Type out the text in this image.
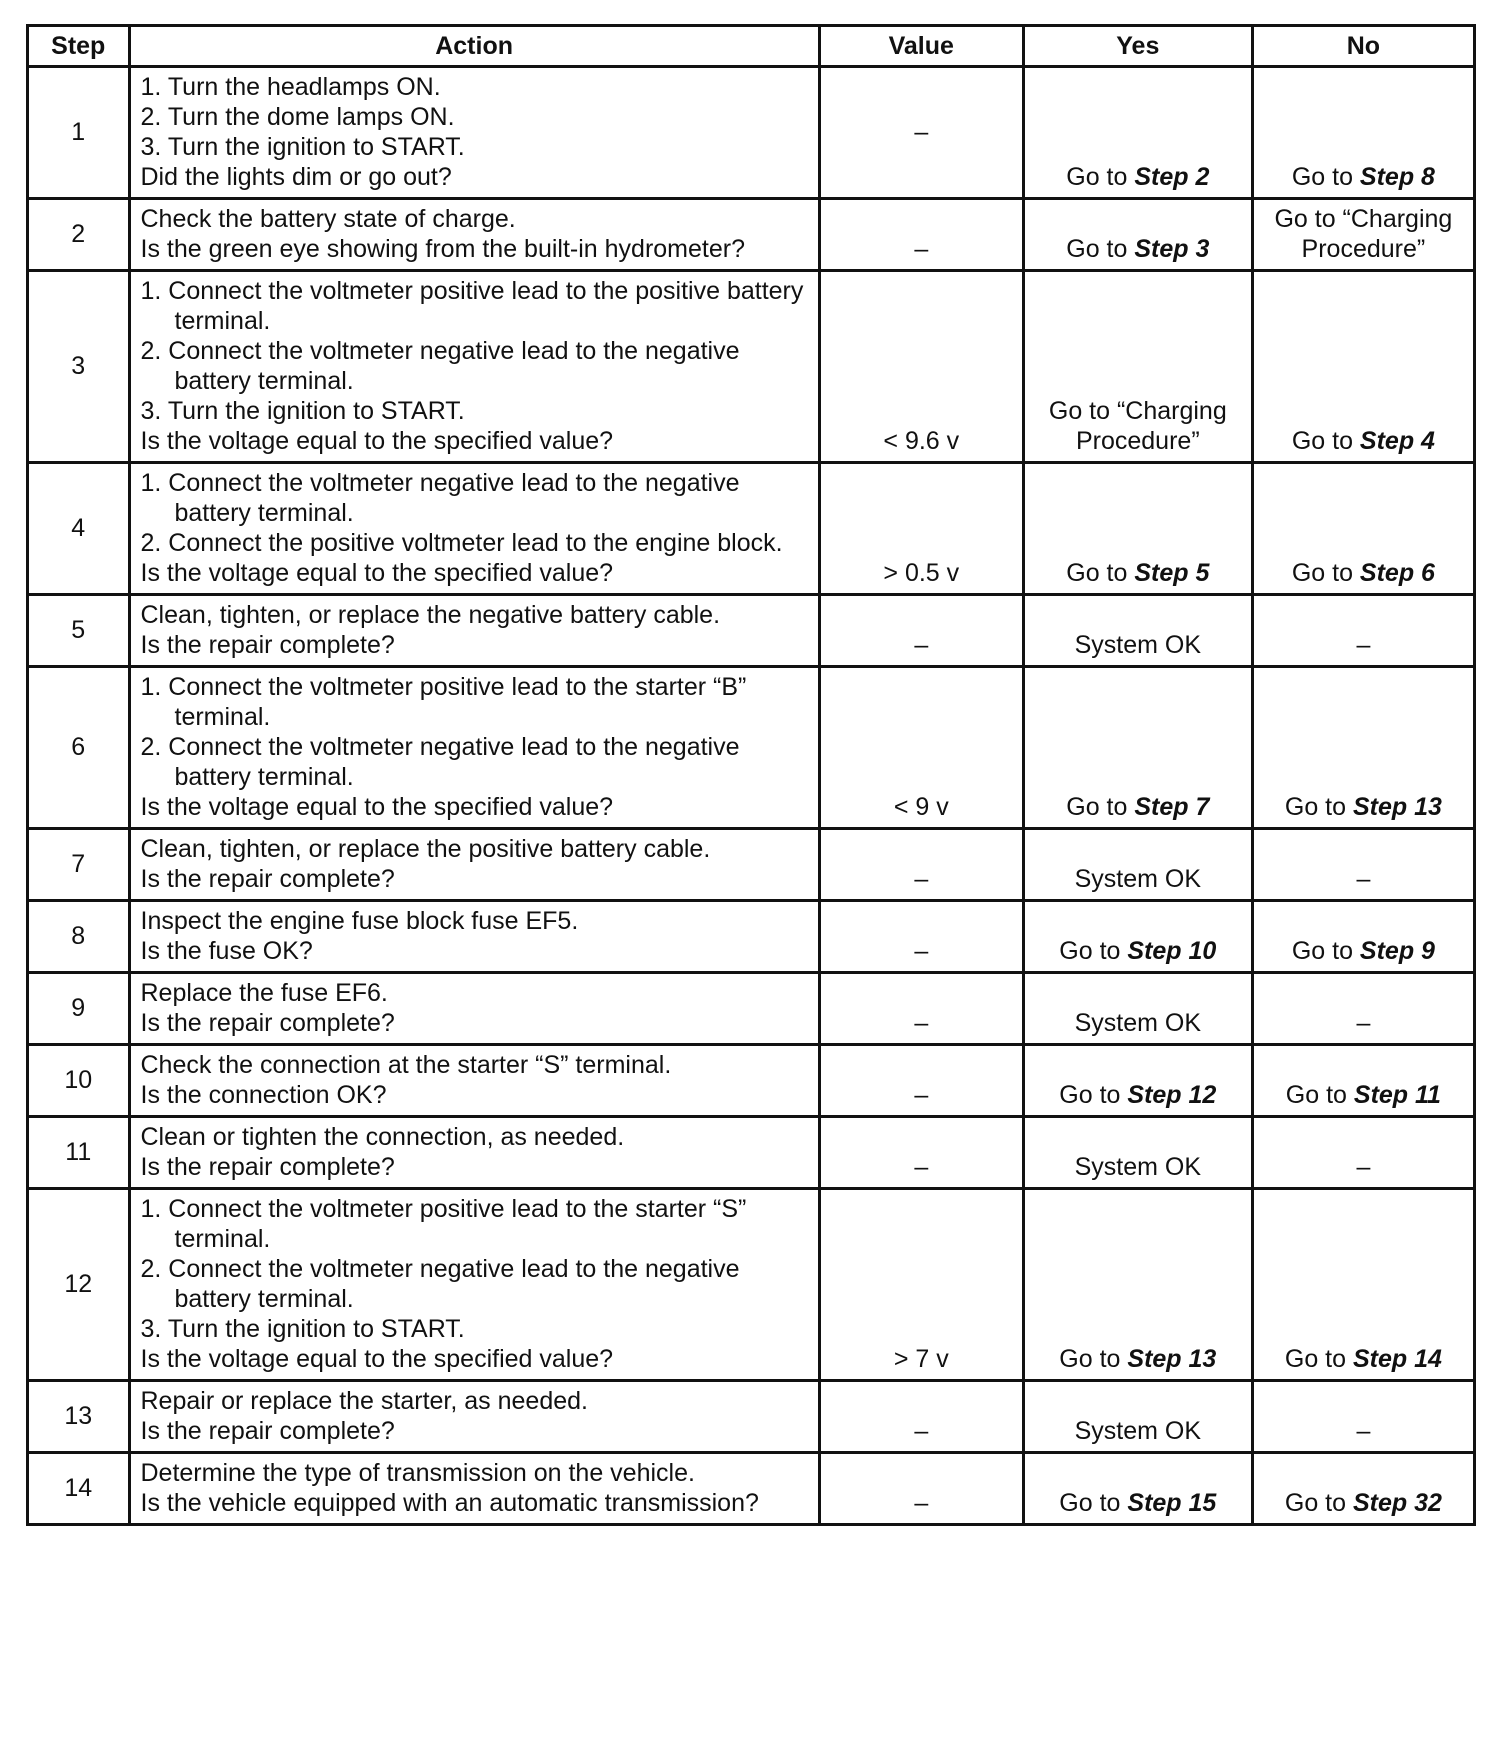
Step	Action	Value	Yes	No
1	1. Turn the headlamps ON.
2. Turn the dome lamps ON.
3. Turn the ignition to START.
Did the lights dim or go out?	–	Go to Step 2	Go to Step 8
2	Check the battery state of charge.
Is the green eye showing from the built-in hydrometer?	–	Go to Step 3	Go to “Charging Procedure”

3	1. Connect the voltmeter positive lead to the positive battery terminal.
2. Connect the voltmeter negative lead to the negative battery terminal.
3. Turn the ignition to START.
Is the voltage equal to the specified value?	< 9.6 v	Go to “Charging Procedure”	Go to Step 4
4	1. Connect the voltmeter negative lead to the negative battery terminal.
2. Connect the positive voltmeter lead to the engine block.
Is the voltage equal to the specified value?	> 0.5 v	Go to Step 5	Go to Step 6
5	Clean, tighten, or replace the negative battery cable.
Is the repair complete?	–	System OK	–

6	1. Connect the voltmeter positive lead to the starter “B” terminal.
2. Connect the voltmeter negative lead to the negative battery terminal.
Is the voltage equal to the specified value?	< 9 v	Go to Step 7	Go to Step 13
7	Clean, tighten, or replace the positive battery cable.
Is the repair complete?	–	System OK	–

8	Inspect the engine fuse block fuse EF5.
Is the fuse OK?	–	Go to Step 10	Go to Step 9
9	Replace the fuse EF6.
Is the repair complete?	–	System OK	–

10	Check the connection at the starter “S” terminal.
Is the connection OK?	–	Go to Step 12	Go to Step 11
11	Clean or tighten the connection, as needed.
Is the repair complete?	–	System OK	–

12	1. Connect the voltmeter positive lead to the starter “S” terminal.
2. Connect the voltmeter negative lead to the negative battery terminal.
3. Turn the ignition to START.
Is the voltage equal to the specified value?	> 7 v	Go to Step 13	Go to Step 14
13	Repair or replace the starter, as needed.
Is the repair complete?	–	System OK	–

14	Determine the type of transmission on the vehicle.
Is the vehicle equipped with an automatic transmission?	–	Go to Step 15	Go to Step 32
